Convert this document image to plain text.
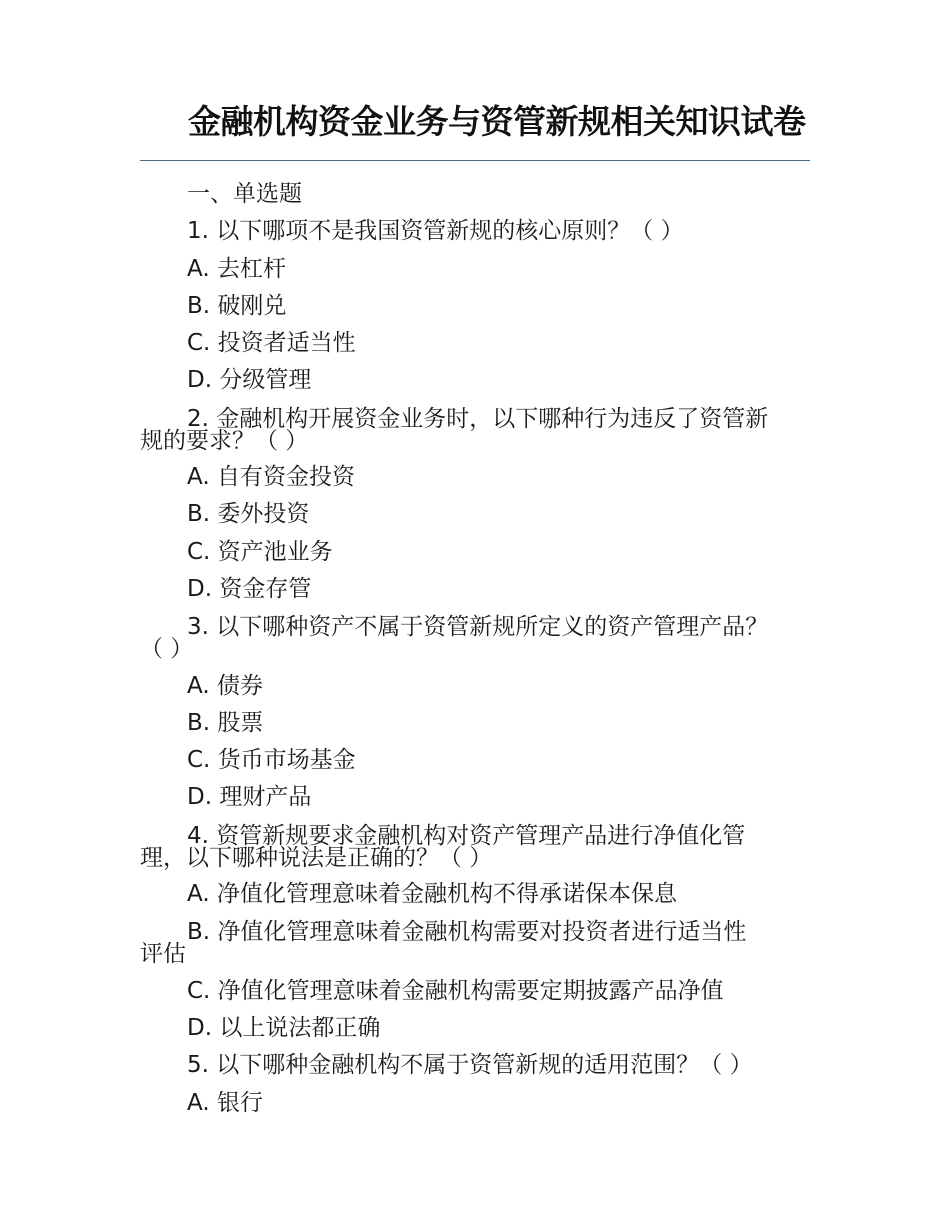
金融机构资金业务与资管新规相关知识试卷
一、单选题
1. 以下哪项不是我国资管新规的核心原则？（ ）
A. 去杠杆
B. 破刚兑
C. 投资者适当性
D. 分级管理
2. 金融机构开展资金业务时，以下哪种行为违反了资管新
规的要求？（ ）
A. 自有资金投资
B. 委外投资
C. 资产池业务
D. 资金存管
3. 以下哪种资产不属于资管新规所定义的资产管理产品？
（ ）
A. 债券
B. 股票
C. 货币市场基金
D. 理财产品
4. 资管新规要求金融机构对资产管理产品进行净值化管
理，以下哪种说法是正确的？（ ）
A. 净值化管理意味着金融机构不得承诺保本保息
B. 净值化管理意味着金融机构需要对投资者进行适当性
评估
C. 净值化管理意味着金融机构需要定期披露产品净值
D. 以上说法都正确
5. 以下哪种金融机构不属于资管新规的适用范围？（ ）
A. 银行
